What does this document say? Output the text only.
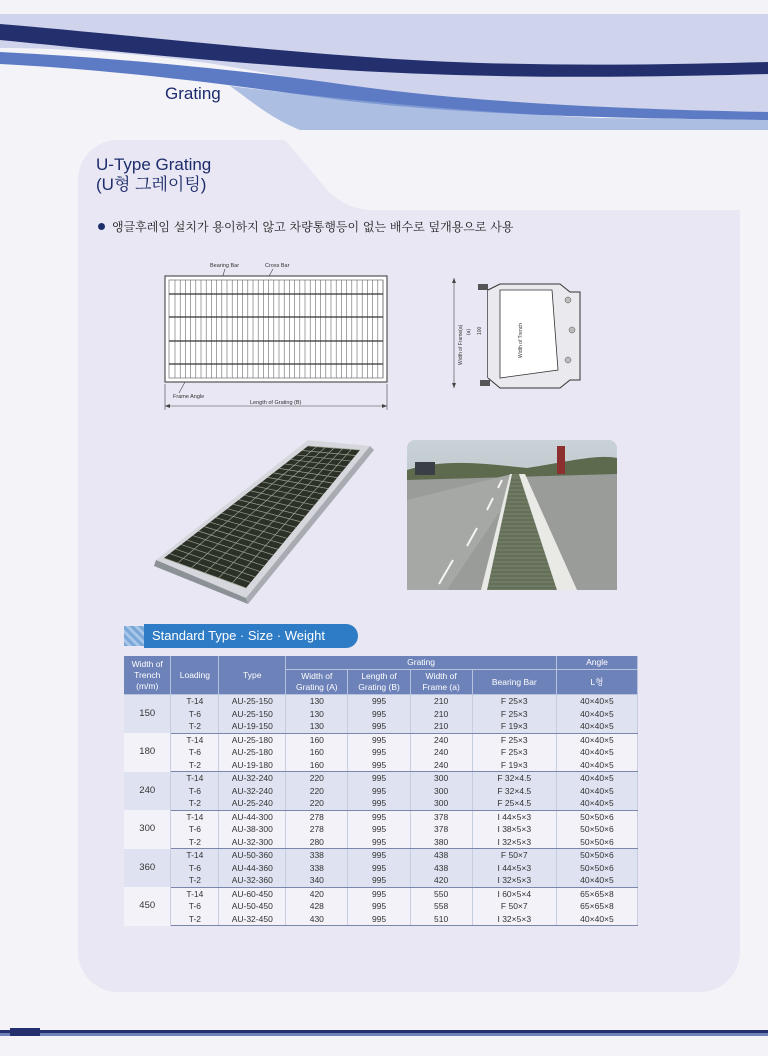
Grating
U-Type Grating
(U형 그레이팅)
앵글후레임 설치가 용이하지 않고 차량통행등이 없는 배수로 덮개용으로 사용
Bearing Bar	Cross Bar
Frame Angle
Length of Grating (B)
Width of Frame(a) (a) 100	Width of Trench
Standard Type · Size · Weight
Width of Trench (m/m)	Loading	Type	Grating				Angle
			Width of Grating (A)	Length of Grating (B)	Width of Frame (a)	Bearing Bar	L형
150	T-14	AU-25-150	130	995	210	F 25×3	40×40×5
	T-6	AU-25-150	130	995	210	F 25×3	40×40×5
	T-2	AU-19-150	130	995	210	F 19×3	40×40×5
180	T-14	AU-25-180	160	995	240	F 25×3	40×40×5
	T-6	AU-25-180	160	995	240	F 25×3	40×40×5
	T-2	AU-19-180	160	995	240	F 19×3	40×40×5
240	T-14	AU-32-240	220	995	300	F 32×4.5	40×40×5
	T-6	AU-32-240	220	995	300	F 32×4.5	40×40×5
	T-2	AU-25-240	220	995	300	F 25×4.5	40×40×5
300	T-14	AU-44-300	278	995	378	I 44×5×3	50×50×6
	T-6	AU-38-300	278	995	378	I 38×5×3	50×50×6
	T-2	AU-32-300	280	995	380	I 32×5×3	50×50×6
360	T-14	AU-50-360	338	995	438	F 50×7	50×50×6
	T-6	AU-44-360	338	995	438	I 44×5×3	50×50×6
	T-2	AU-32-360	340	995	420	I 32×5×3	40×40×5
450	T-14	AU-60-450	420	995	550	I 60×5×4	65×65×8
	T-6	AU-50-450	428	995	558	F 50×7	65×65×8
	T-2	AU-32-450	430	995	510	I 32×5×3	40×40×5
